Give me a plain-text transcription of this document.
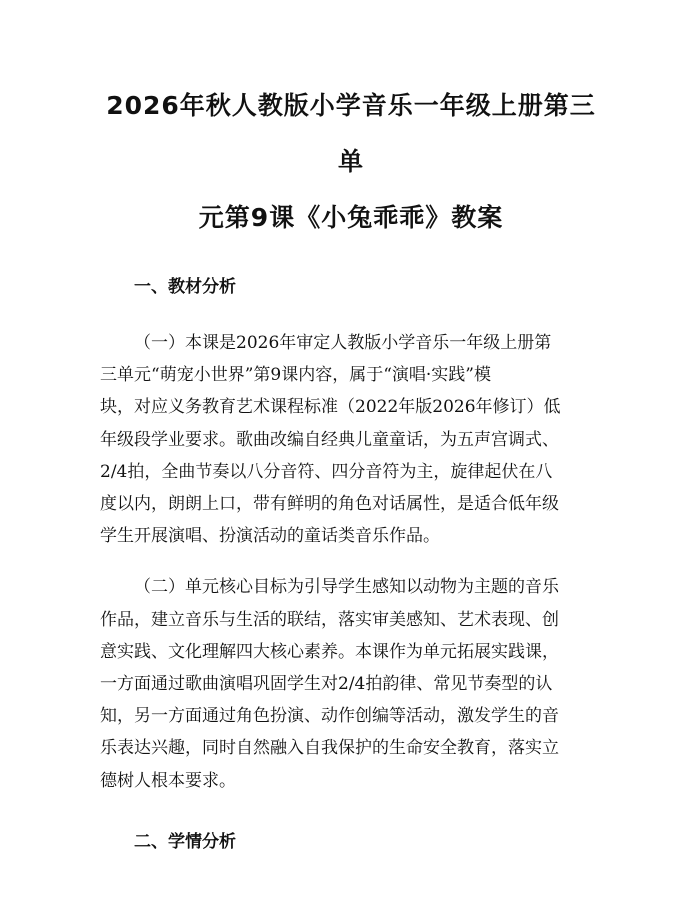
2026年秋人教版小学音乐一年级上册第三单
元第9课《小兔乖乖》教案
一、教材分析

（一）本课是2026年审定人教版小学音乐一年级上册第
三单元“萌宠小世界”第9课内容，属于“演唱·实践”模
块，对应义务教育艺术课程标准（2022年版2026年修订）低
年级段学业要求。歌曲改编自经典儿童童话，为五声宫调式、
2/4拍，全曲节奏以八分音符、四分音符为主，旋律起伏在八
度以内，朗朗上口，带有鲜明的角色对话属性，是适合低年级
学生开展演唱、扮演活动的童话类音乐作品。

（二）单元核心目标为引导学生感知以动物为主题的音乐
作品，建立音乐与生活的联结，落实审美感知、艺术表现、创
意实践、文化理解四大核心素养。本课作为单元拓展实践课，
一方面通过歌曲演唱巩固学生对2/4拍韵律、常见节奏型的认
知，另一方面通过角色扮演、动作创编等活动，激发学生的音
乐表达兴趣，同时自然融入自我保护的生命安全教育，落实立
德树人根本要求。

二、学情分析
